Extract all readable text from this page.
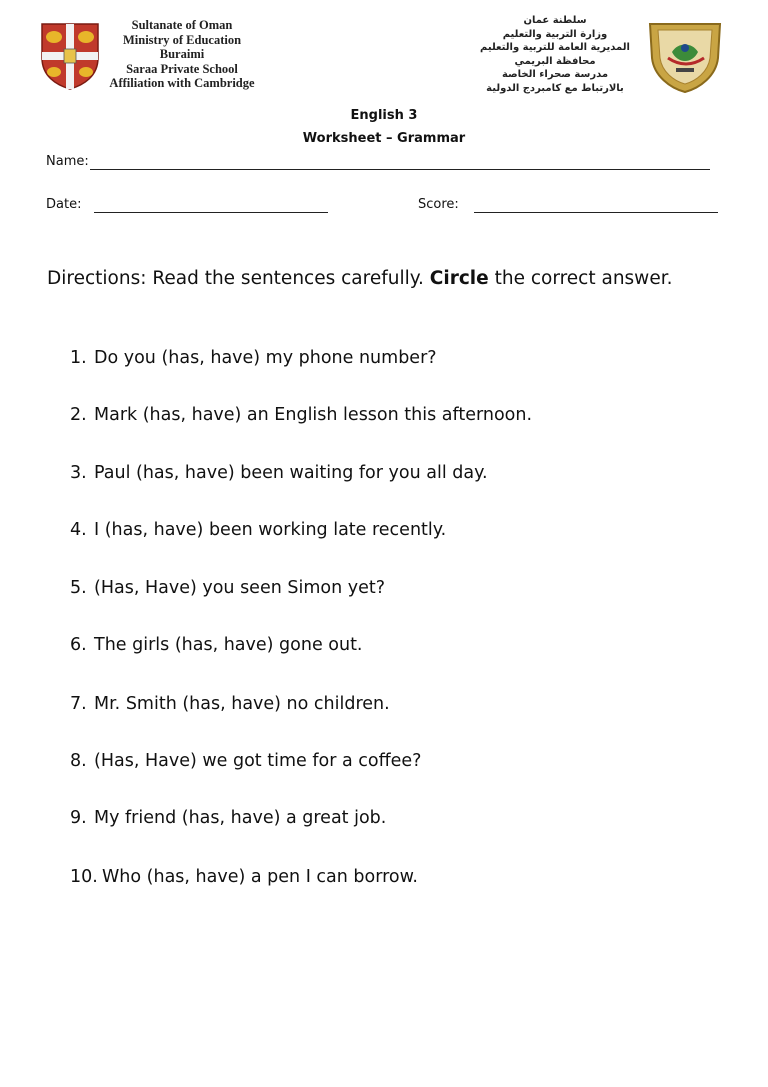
Sultanate of Oman
Ministry of Education
Buraimi
Saraa Private School
Affiliation with Cambridge
سلطنة عمان
وزارة التربية والتعليم
المديرية العامة للتربية والتعليم
محافظة البريمي
مدرسة صحراء الخاصة
بالارتباط مع كامبردج الدولية
English 3
Worksheet – Grammar
Name:
Date:	Score:
Directions: Read the sentences carefully. Circle the correct answer.
1. Do you (has, have) my phone number?
2. Mark (has, have) an English lesson this afternoon.
3. Paul (has, have) been waiting for you all day.
4. I (has, have) been working late recently.
5. (Has, Have) you seen Simon yet?
6. The girls (has, have) gone out.
7. Mr. Smith (has, have) no children.
8. (Has, Have) we got time for a coffee?
9. My friend (has, have) a great job.
10. Who (has, have) a pen I can borrow.
